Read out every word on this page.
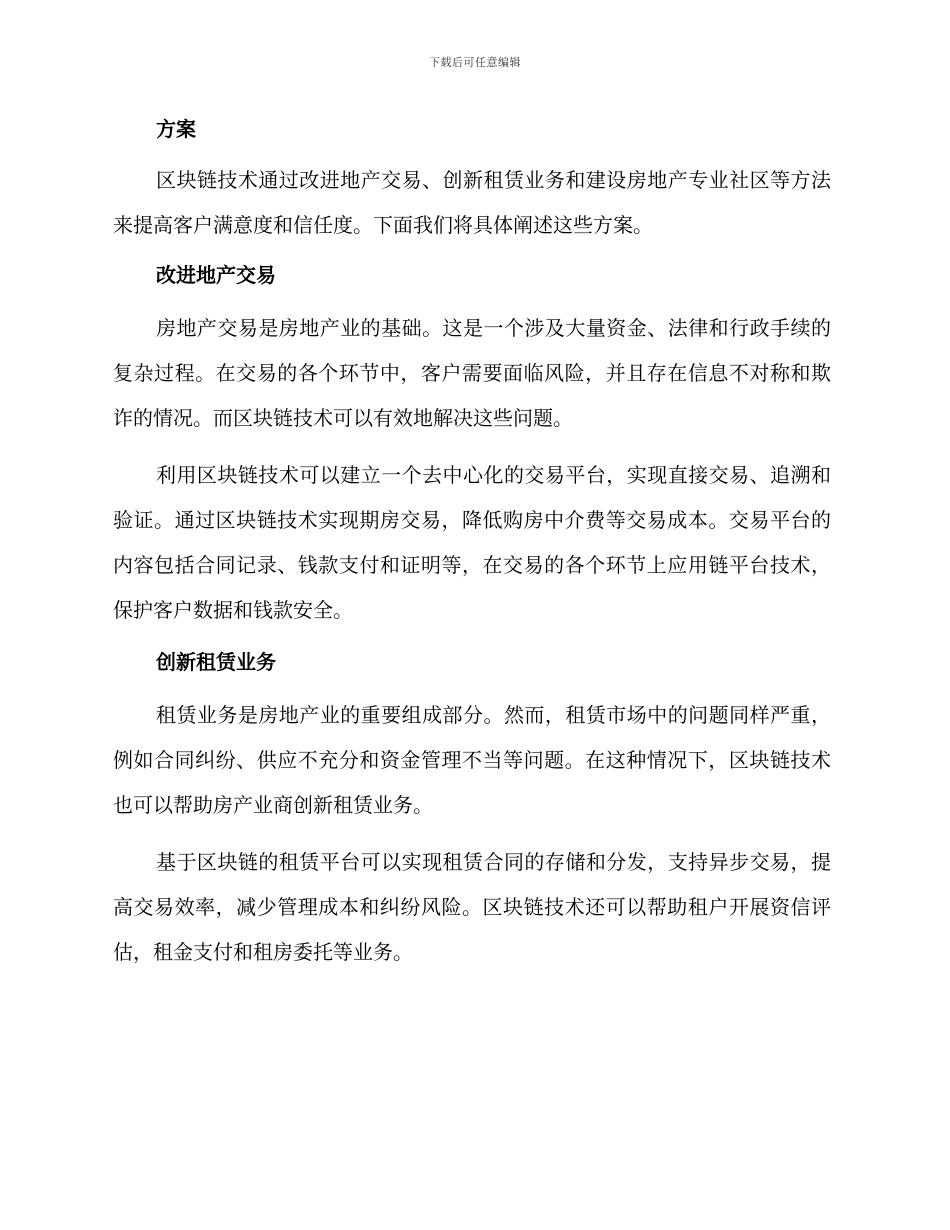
下载后可任意编辑
方案

区块链技术通过改进地产交易、创新租赁业务和建设房地产专业社区等方法来提高客户满意度和信任度。下面我们将具体阐述这些方案。

改进地产交易

房地产交易是房地产业的基础。这是一个涉及大量资金、法律和行政手续的复杂过程。在交易的各个环节中，客户需要面临风险，并且存在信息不对称和欺诈的情况。而区块链技术可以有效地解决这些问题。

利用区块链技术可以建立一个去中心化的交易平台，实现直接交易、追溯和验证。通过区块链技术实现期房交易，降低购房中介费等交易成本。交易平台的内容包括合同记录、钱款支付和证明等，在交易的各个环节上应用链平台技术，保护客户数据和钱款安全。

创新租赁业务

租赁业务是房地产业的重要组成部分。然而，租赁市场中的问题同样严重，例如合同纠纷、供应不充分和资金管理不当等问题。在这种情况下，区块链技术也可以帮助房产业商创新租赁业务。

基于区块链的租赁平台可以实现租赁合同的存储和分发，支持异步交易，提高交易效率，减少管理成本和纠纷风险。区块链技术还可以帮助租户开展资信评估，租金支付和租房委托等业务。
